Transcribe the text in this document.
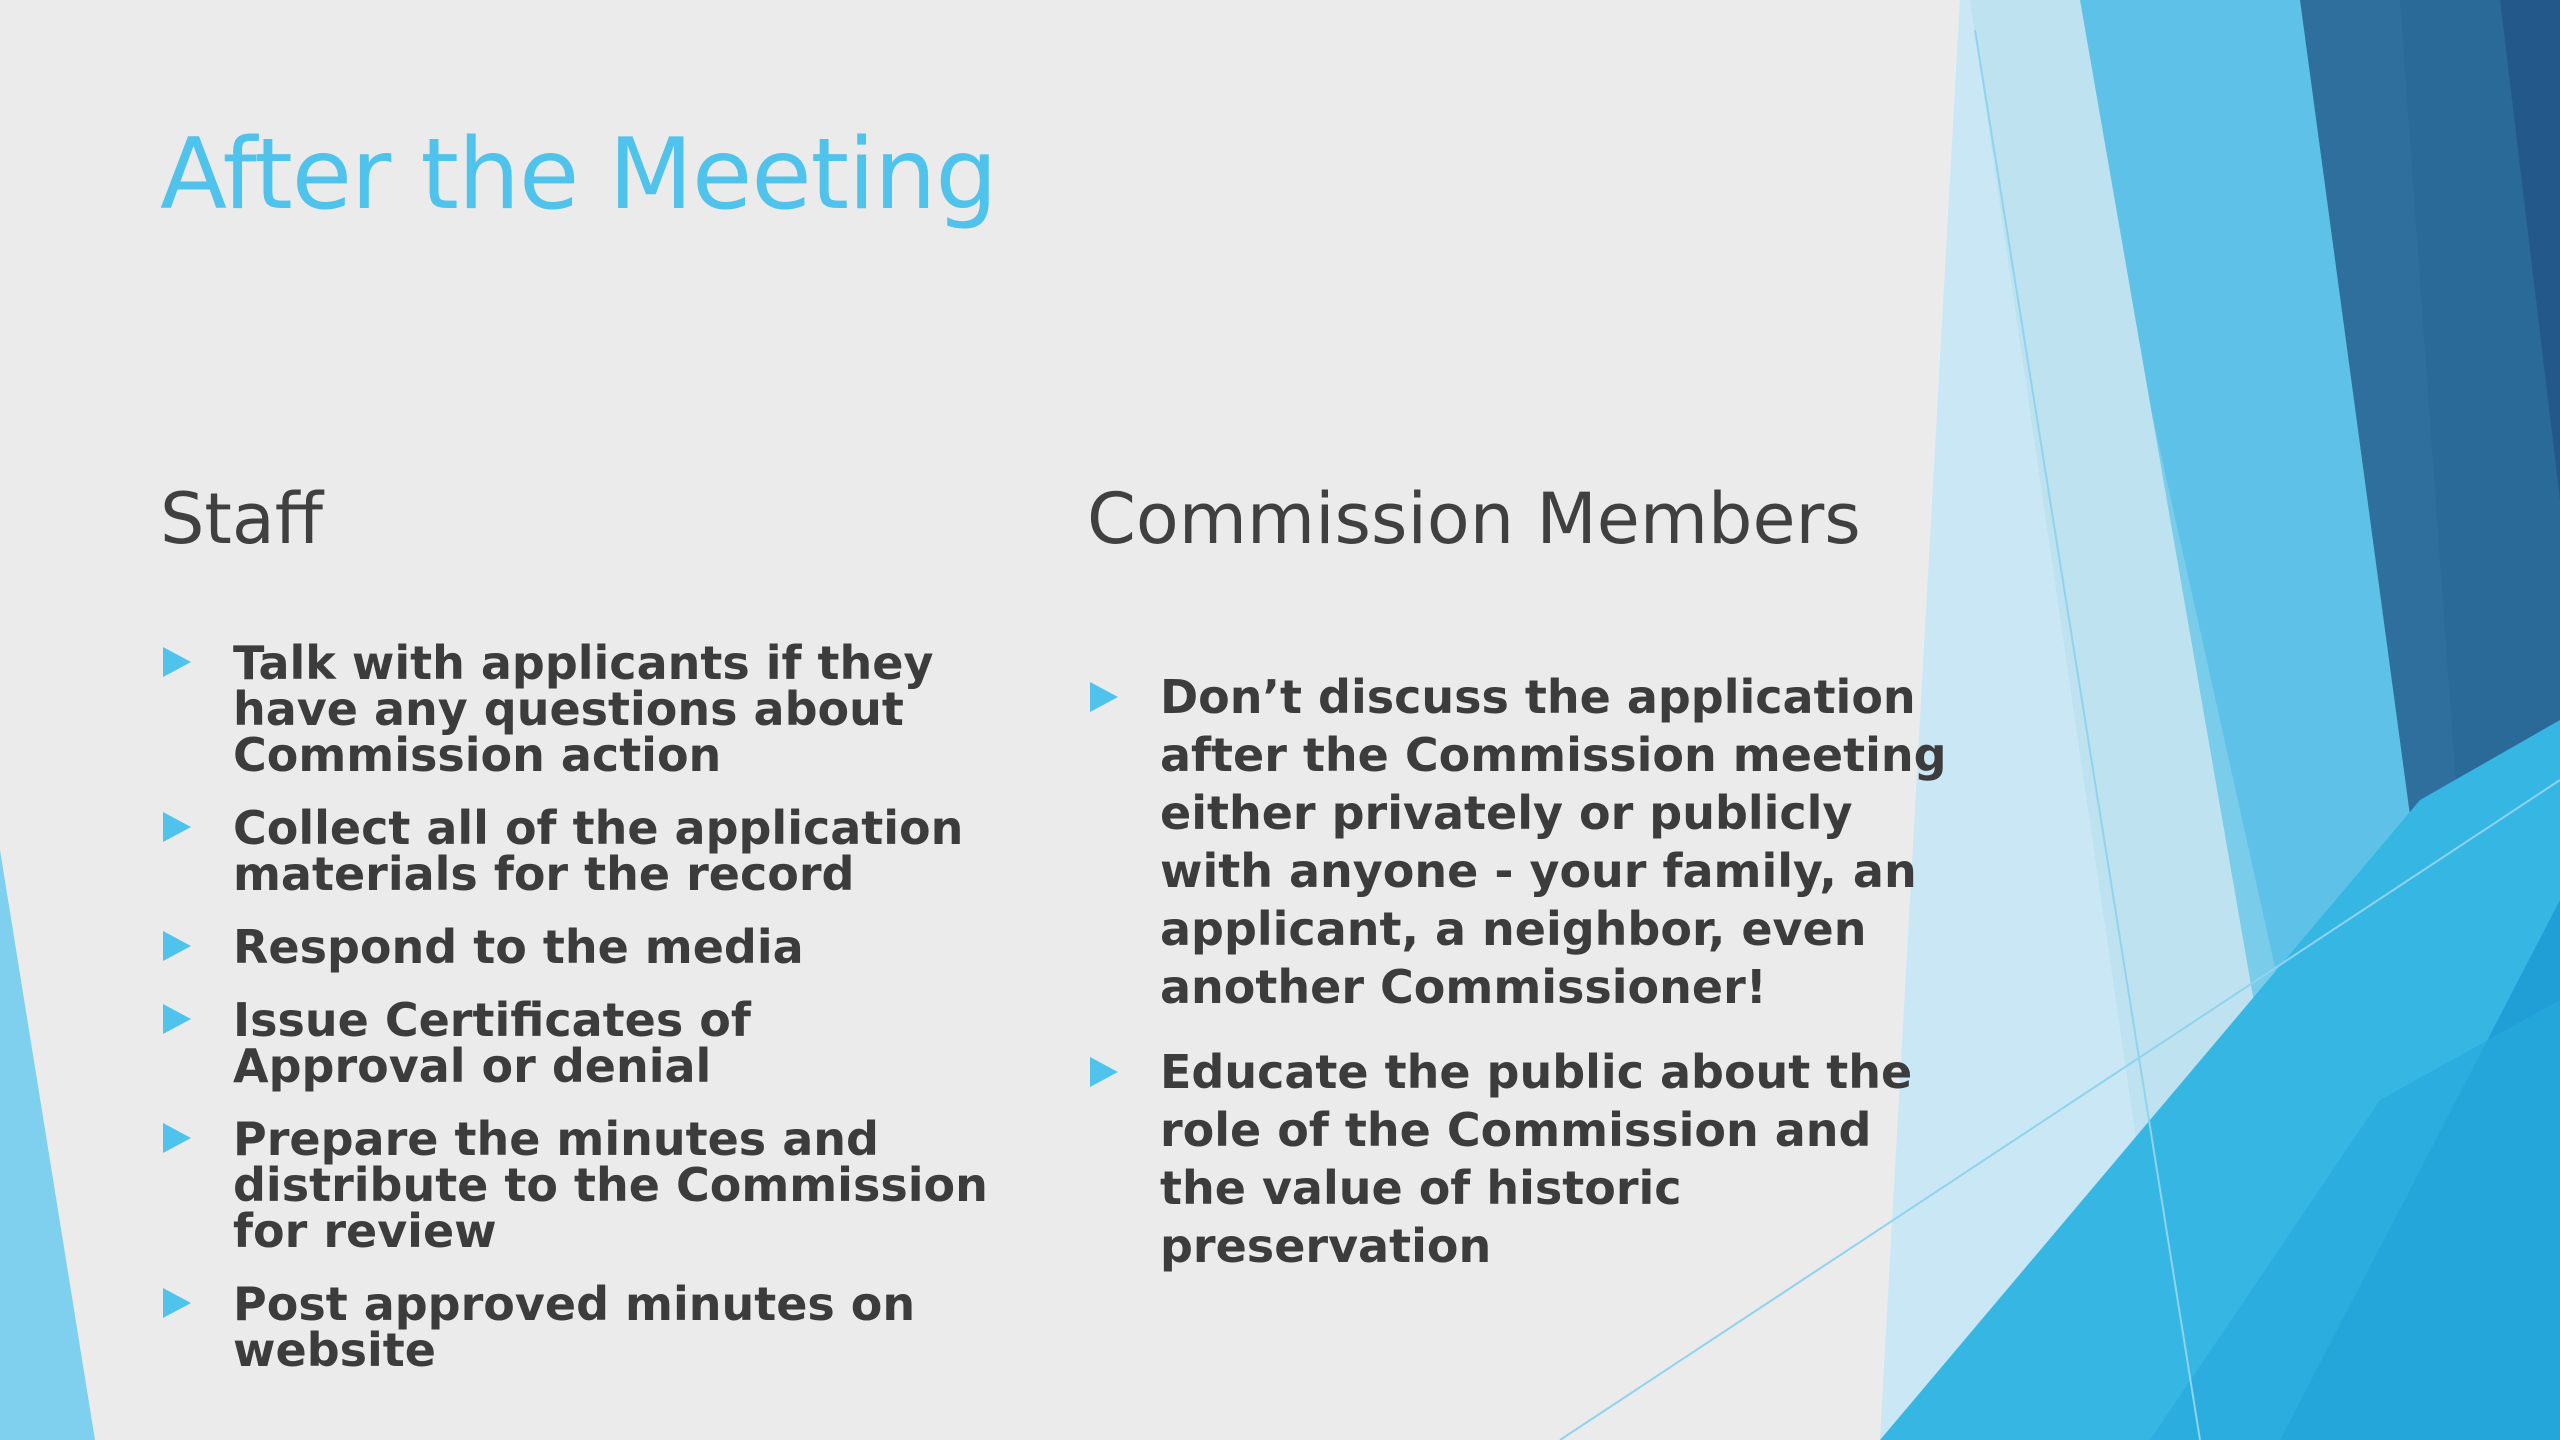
After the Meeting
Staff
Talk with applicants if they have any questions about Commission action
Collect all of the application materials for the record
Respond to the media
Issue Certificates of Approval or denial
Prepare the minutes and distribute to the Commission for review
Post approved minutes on website
Commission Members
Don’t discuss the application after the Commission meeting either privately or publicly with anyone - your family, an applicant, a neighbor, even another Commissioner!
Educate the public about the role of the Commission and the value of historic preservation
